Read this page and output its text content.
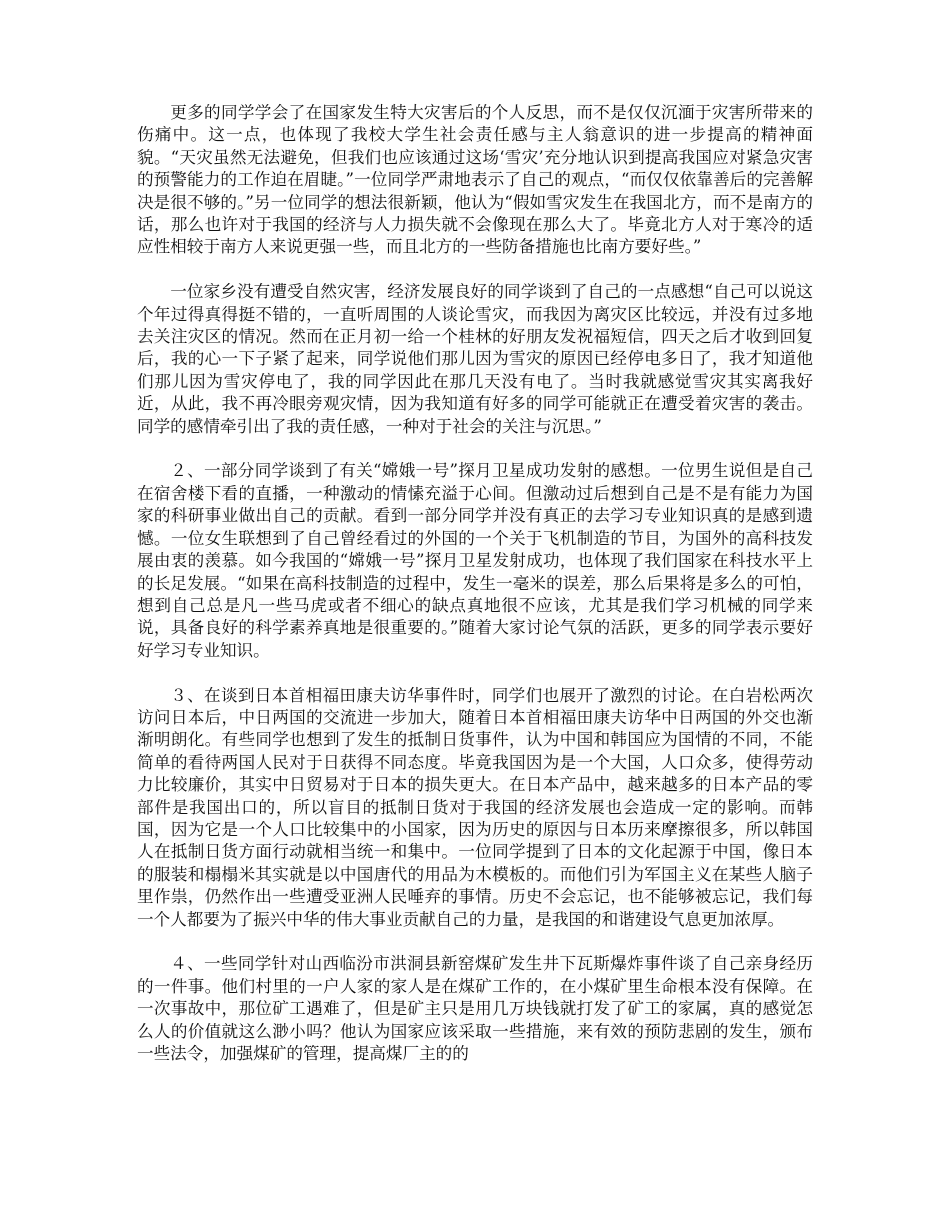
更多的同学学会了在国家发生特大灾害后的个人反思，而不是仅仅沉湎于灾害所带来的伤痛中。这一点，也体现了我校大学生社会责任感与主人翁意识的进一步提高的精神面貌。“天灾虽然无法避免，但我们也应该通过这场‘雪灾’充分地认识到提高我国应对紧急灾害的预警能力的工作迫在眉睫。”一位同学严肃地表示了自己的观点，“而仅仅依靠善后的完善解决是很不够的。”另一位同学的想法很新颖，他认为“假如雪灾发生在我国北方，而不是南方的话，那么也许对于我国的经济与人力损失就不会像现在那么大了。毕竟北方人对于寒冷的适应性相较于南方人来说更强一些，而且北方的一些防备措施也比南方要好些。”

一位家乡没有遭受自然灾害，经济发展良好的同学谈到了自己的一点感想“自己可以说这个年过得真得挺不错的，一直听周围的人谈论雪灾，而我因为离灾区比较远，并没有过多地去关注灾区的情况。然而在正月初一给一个桂林的好朋友发祝福短信，四天之后才收到回复后，我的心一下子紧了起来，同学说他们那儿因为雪灾的原因已经停电多日了，我才知道他们那儿因为雪灾停电了，我的同学因此在那几天没有电了。当时我就感觉雪灾其实离我好近，从此，我不再冷眼旁观灾情，因为我知道有好多的同学可能就正在遭受着灾害的袭击。同学的感情牵引出了我的责任感，一种对于社会的关注与沉思。”

２、一部分同学谈到了有关“嫦娥一号”探月卫星成功发射的感想。一位男生说但是自己在宿舍楼下看的直播，一种激动的情愫充溢于心间。但激动过后想到自己是不是有能力为国家的科研事业做出自己的贡献。看到一部分同学并没有真正的去学习专业知识真的是感到遗憾。一位女生联想到了自己曾经看过的外国的一个关于飞机制造的节目，为国外的高科技发展由衷的羡慕。如今我国的“嫦娥一号”探月卫星发射成功，也体现了我们国家在科技水平上的长足发展。“如果在高科技制造的过程中，发生一毫米的误差，那么后果将是多么的可怕，想到自己总是凡一些马虎或者不细心的缺点真地很不应该，尤其是我们学习机械的同学来说，具备良好的科学素养真地是很重要的。”随着大家讨论气氛的活跃，更多的同学表示要好好学习专业知识。

３、在谈到日本首相福田康夫访华事件时，同学们也展开了激烈的讨论。在白岩松两次访问日本后，中日两国的交流进一步加大，随着日本首相福田康夫访华中日两国的外交也渐渐明朗化。有些同学也想到了发生的抵制日货事件，认为中国和韩国应为国情的不同，不能简单的看待两国人民对于日获得不同态度。毕竟我国因为是一个大国，人口众多，使得劳动力比较廉价，其实中日贸易对于日本的损失更大。在日本产品中，越来越多的日本产品的零部件是我国出口的，所以盲目的抵制日货对于我国的经济发展也会造成一定的影响。而韩国，因为它是一个人口比较集中的小国家，因为历史的原因与日本历来摩擦很多，所以韩国人在抵制日货方面行动就相当统一和集中。一位同学提到了日本的文化起源于中国，像日本的服装和榻榻米其实就是以中国唐代的用品为木模板的。而他们引为军国主义在某些人脑子里作祟，仍然作出一些遭受亚洲人民唾弃的事情。历史不会忘记，也不能够被忘记，我们每一个人都要为了振兴中华的伟大事业贡献自己的力量，是我国的和谐建设气息更加浓厚。

４、一些同学针对山西临汾市洪洞县新窑煤矿发生井下瓦斯爆炸事件谈了自己亲身经历的一件事。他们村里的一户人家的家人是在煤矿工作的，在小煤矿里生命根本没有保障。在一次事故中，那位矿工遇难了，但是矿主只是用几万块钱就打发了矿工的家属，真的感觉怎么人的价值就这么渺小吗？他认为国家应该采取一些措施，来有效的预防悲剧的发生，颁布一些法令，加强煤矿的管理，提高煤厂主的的
